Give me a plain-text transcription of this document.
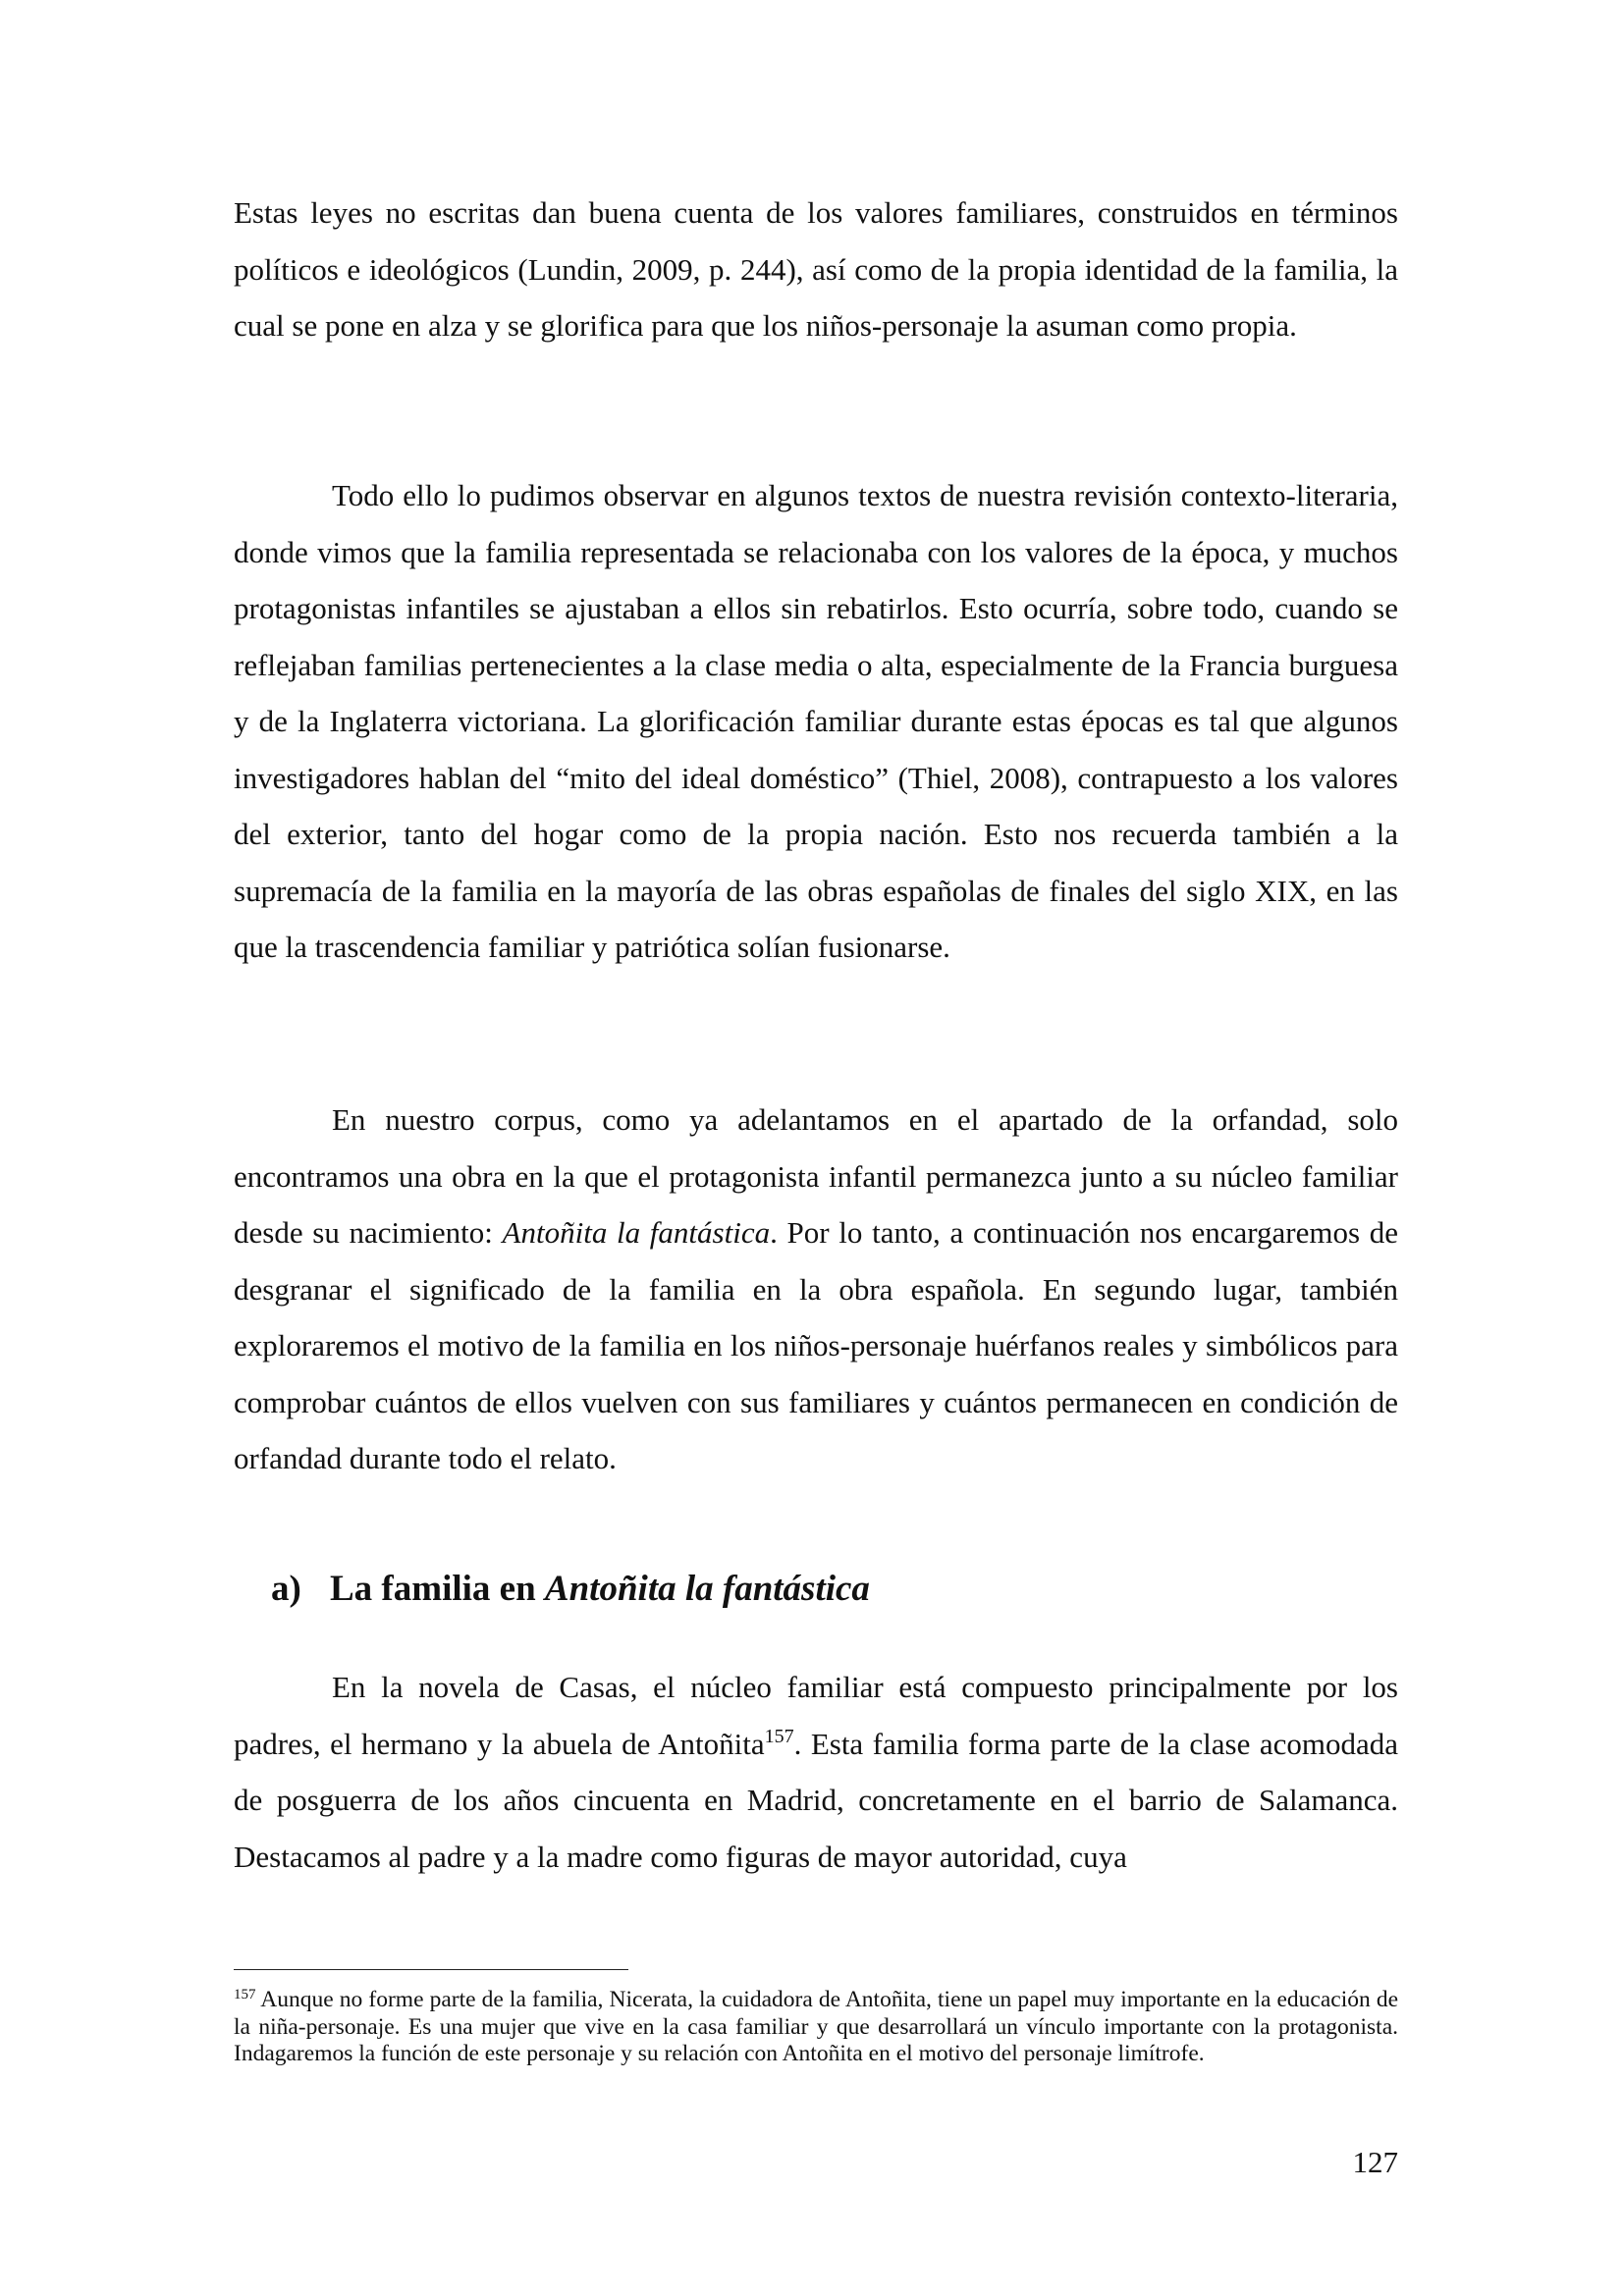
Estas leyes no escritas dan buena cuenta de los valores familiares, construidos en términos políticos e ideológicos (Lundin, 2009, p. 244), así como de la propia identidad de la familia, la cual se pone en alza y se glorifica para que los niños-personaje la asuman como propia.

Todo ello lo pudimos observar en algunos textos de nuestra revisión contexto-literaria, donde vimos que la familia representada se relacionaba con los valores de la época, y muchos protagonistas infantiles se ajustaban a ellos sin rebatirlos. Esto ocurría, sobre todo, cuando se reflejaban familias pertenecientes a la clase media o alta, especialmente de la Francia burguesa y de la Inglaterra victoriana. La glorificación familiar durante estas épocas es tal que algunos investigadores hablan del “mito del ideal doméstico” (Thiel, 2008), contrapuesto a los valores del exterior, tanto del hogar como de la propia nación. Esto nos recuerda también a la supremacía de la familia en la mayoría de las obras españolas de finales del siglo XIX, en las que la trascendencia familiar y patriótica solían fusionarse.

En nuestro corpus, como ya adelantamos en el apartado de la orfandad, solo encontramos una obra en la que el protagonista infantil permanezca junto a su núcleo familiar desde su nacimiento: Antoñita la fantástica. Por lo tanto, a continuación nos encargaremos de desgranar el significado de la familia en la obra española. En segundo lugar, también exploraremos el motivo de la familia en los niños-personaje huérfanos reales y simbólicos para comprobar cuántos de ellos vuelven con sus familiares y cuántos permanecen en condición de orfandad durante todo el relato.

a) La familia en Antoñita la fantástica

En la novela de Casas, el núcleo familiar está compuesto principalmente por los padres, el hermano y la abuela de Antoñita$^{157}$. Esta familia forma parte de la clase acomodada de posguerra de los años cincuenta en Madrid, concretamente en el barrio de Salamanca. Destacamos al padre y a la madre como figuras de mayor autoridad, cuya

$^{157}$ Aunque no forme parte de la familia, Nicerata, la cuidadora de Antoñita, tiene un papel muy importante en la educación de la niña-personaje. Es una mujer que vive en la casa familiar y que desarrollará un vínculo importante con la protagonista. Indagaremos la función de este personaje y su relación con Antoñita en el motivo del personaje limítrofe.

127
